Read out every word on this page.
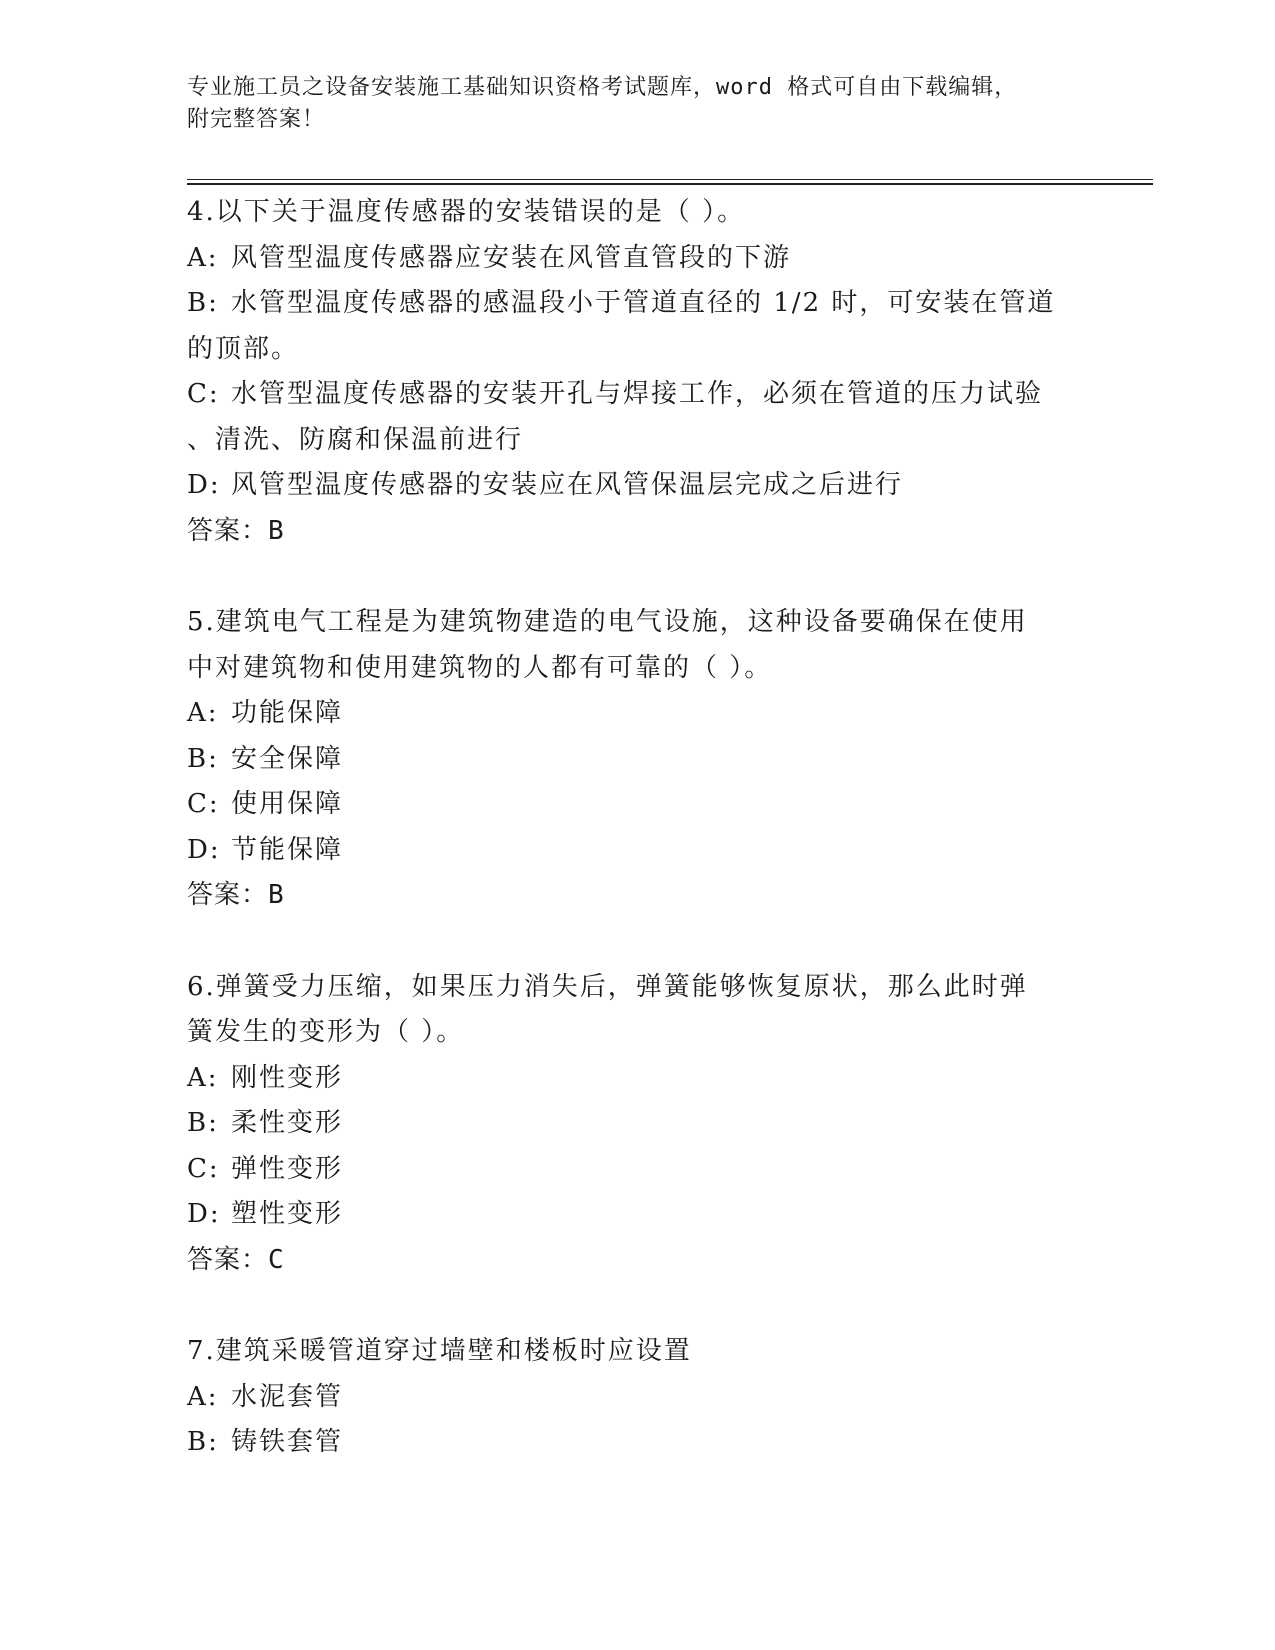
专业施工员之设备安装施工基础知识资格考试题库，word 格式可自由下载编辑，
附完整答案！
4.以下关于温度传感器的安装错误的是（ ）。
A: 风管型温度传感器应安装在风管直管段的下游
B: 水管型温度传感器的感温段小于管道直径的 1/2 时，可安装在管道
的顶部。
C: 水管型温度传感器的安装开孔与焊接工作，必须在管道的压力试验
、清洗、防腐和保温前进行
D: 风管型温度传感器的安装应在风管保温层完成之后进行
答案：B
5.建筑电气工程是为建筑物建造的电气设施，这种设备要确保在使用
中对建筑物和使用建筑物的人都有可靠的（ ）。
A: 功能保障
B: 安全保障
C: 使用保障
D: 节能保障
答案：B
6.弹簧受力压缩，如果压力消失后，弹簧能够恢复原状，那么此时弹
簧发生的变形为（ ）。
A: 刚性变形
B: 柔性变形
C: 弹性变形
D: 塑性变形
答案：C
7.建筑采暖管道穿过墙壁和楼板时应设置
A: 水泥套管
B: 铸铁套管
